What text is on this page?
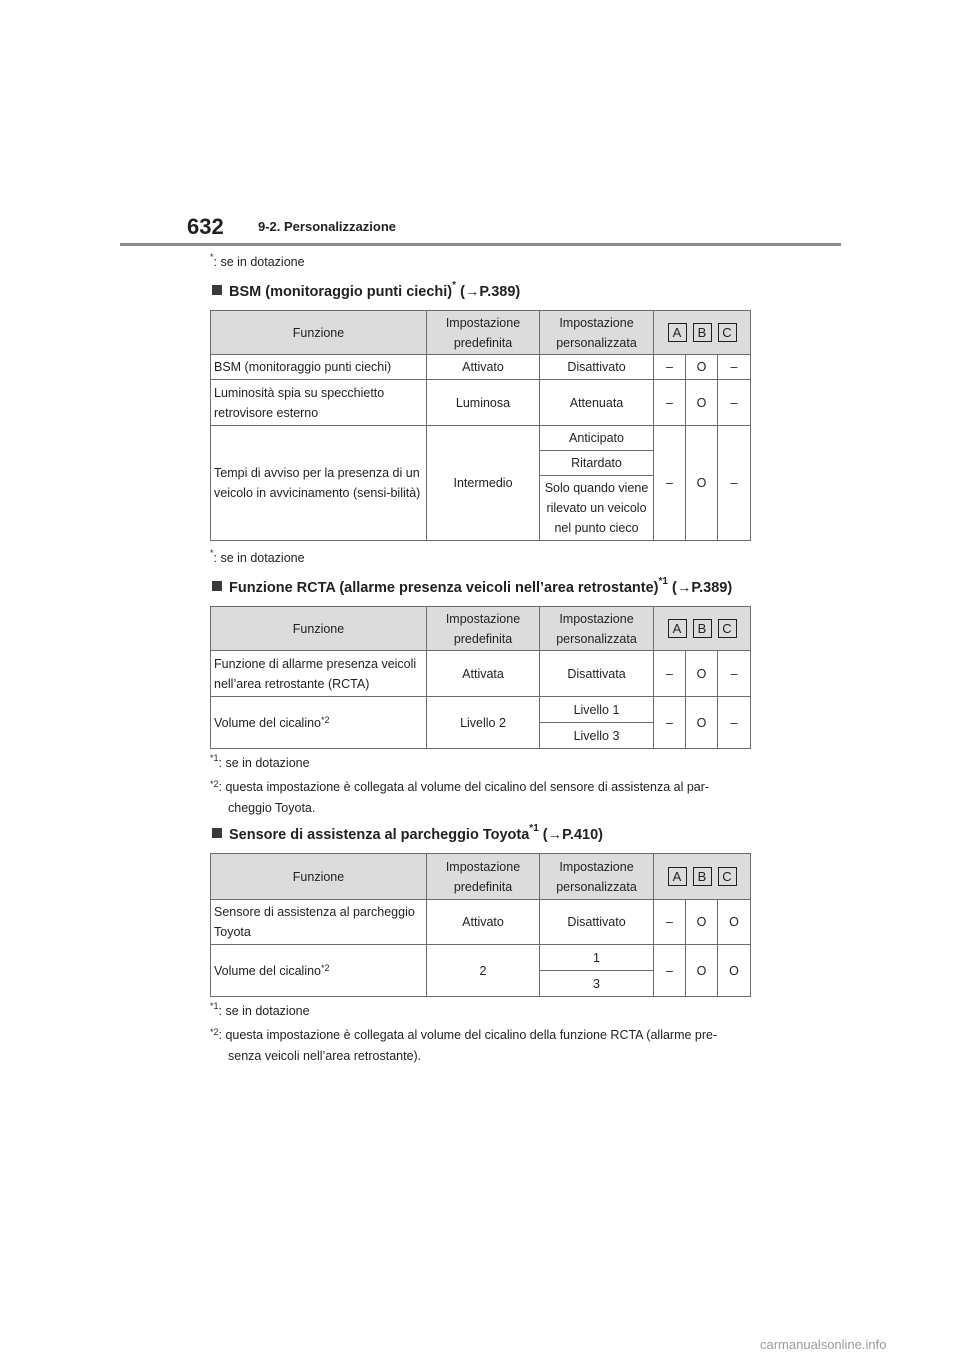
632	9-2. Personalizzazione
*: se in dotazione
BSM (monitoraggio punti ciechi)* (→P.389)
Funzione	Impostazione predefinita	Impostazione personalizzata	A B C		
BSM (monitoraggio punti ciechi)	Attivato	Disattivato	–	O	–
Luminosità spia su specchietto retrovisore esterno	Luminosa	Attenuata	–	O	–
Tempi di avviso per la presenza di un veicolo in avvicinamento (sensi-bilità)	Intermedio	Anticipato	–	O	–
		Ritardato			
		Solo quando viene rilevato un veicolo nel punto cieco			
*: se in dotazione
Funzione RCTA (allarme presenza veicoli nell’area retrostante)$^{*1}$ (→P.389)
Funzione	Impostazione predefinita	Impostazione personalizzata	A B C		
Funzione di allarme presenza veicoli nell’area retrostante (RCTA)	Attivata	Disattivata	–	O	–
Volume del cicalino$^{*2}$	Livello 2	Livello 1	–	O	–
		Livello 3			
$^{*1}$: se in dotazione
$^{*2}$: questa impostazione è collegata al volume del cicalino del sensore di assistenza al par-
cheggio Toyota.
Sensore di assistenza al parcheggio Toyota$^{*1}$ (→P.410)
Funzione	Impostazione predefinita	Impostazione personalizzata	A B C		
Sensore di assistenza al parcheggio Toyota	Attivato	Disattivato	–	O	O
Volume del cicalino$^{*2}$	2	1	–	O	O
		3			
$^{*1}$: se in dotazione
$^{*2}$: questa impostazione è collegata al volume del cicalino della funzione RCTA (allarme pre-
senza veicoli nell’area retrostante).
carmanualsonline.info
